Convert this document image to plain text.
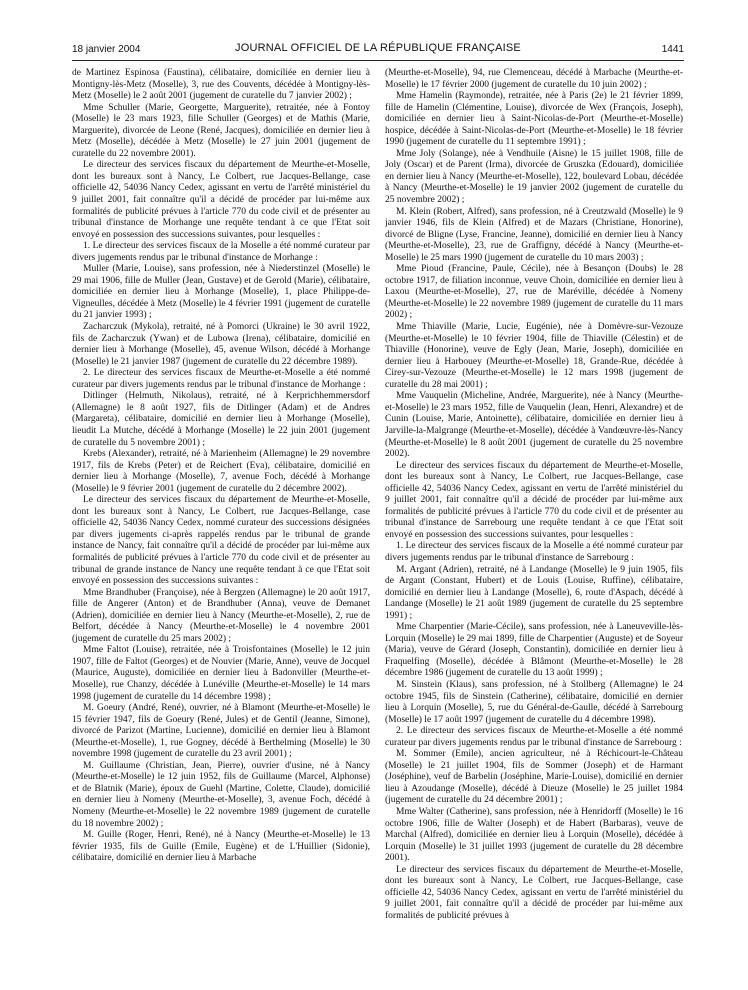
18 janvier 2004	JOURNAL OFFICIEL DE LA RÉPUBLIQUE FRANÇAISE	1441

de Martinez Espinosa (Faustina), célibataire, domiciliée en dernier lieu à Montigny-lès-Metz (Moselle), 3, rue des Couvents, décédée à Montigny-lès-Metz (Moselle) le 2 août 2001 (jugement de curatelle du 7 janvier 2002) ;

Mme Schuller (Marie, Georgette, Marguerite), retraitée, née à Fontoy (Moselle) le 23 mars 1923, fille Schuller (Georges) et de Mathis (Marie, Marguerite), divorcée de Leone (René, Jacques), domiciliée en dernier lieu à Metz (Moselle), décédée à Metz (Moselle) le 27 juin 2001 (jugement de curatelle du 22 novembre 2001).

Le directeur des services fiscaux du département de Meurthe-et-Moselle, dont les bureaux sont à Nancy, Le Colbert, rue Jacques-Bellange, case officielle 42, 54036 Nancy Cedex, agissant en vertu de l'arrêté ministériel du 9 juillet 2001, fait connaître qu'il a décidé de procéder par lui-même aux formalités de publicité prévues à l'article 770 du code civil et de présenter au tribunal d'instance de Morhange une requête tendant à ce que l'Etat soit envoyé en possession des successions suivantes, pour lesquelles :

1. Le directeur des services fiscaux de la Moselle a été nommé curateur par divers jugements rendus par le tribunal d'instance de Morhange :

Muller (Marie, Louise), sans profession, née à Niederstinzel (Moselle) le 29 mai 1906, fille de Muller (Jean, Gustave) et de Gerold (Marie), célibataire, domiciliée en dernier lieu à Morhange (Moselle), 1, place Philippe-de-Vigneulles, décédée à Metz (Moselle) le 4 février 1991 (jugement de curatelle du 21 janvier 1993) ;

Zacharczuk (Mykola), retraité, né à Pomorci (Ukraine) le 30 avril 1922, fils de Zacharczuk (Ywan) et de Lubowa (Irena), célibataire, domicilié en dernier lieu à Morhange (Moselle), 45, avenue Wilson, décédé à Morhange (Moselle) le 21 janvier 1987 (jugement de curatelle du 22 décembre 1989).

2. Le directeur des services fiscaux de Meurthe-et-Moselle a été nommé curateur par divers jugements rendus par le tribunal d'instance de Morhange :

Ditlinger (Helmuth, Nikolaus), retraité, né à Kerprichhemmersdorf (Allemagne) le 8 août 1927, fils de Ditlinger (Adam) et de Andres (Margareta), célibataire, domicilié en dernier lieu à Morhange (Moselle), lieudit La Mutche, décédé à Morhange (Moselle) le 22 juin 2001 (jugement de curatelle du 5 novembre 2001) ;

Krebs (Alexander), retraité, né à Marienheim (Allemagne) le 29 novembre 1917, fils de Krebs (Peter) et de Reichert (Eva), célibataire, domicilié en dernier lieu à Morhange (Moselle), 7, avenue Foch, décédé à Morhange (Moselle) le 9 février 2001 (jugement de curatelle du 2 décembre 2002).

Le directeur des services fiscaux du département de Meurthe-et-Moselle, dont les bureaux sont à Nancy, Le Colbert, rue Jacques-Bellange, case officielle 42, 54036 Nancy Cedex, nommé curateur des successions désignées par divers jugements ci-après rappelés rendus par le tribunal de grande instance de Nancy, fait connaître qu'il a décidé de procéder par lui-même aux formalités de publicité prévues à l'article 770 du code civil et de présenter au tribunal de grande instance de Nancy une requête tendant à ce que l'Etat soit envoyé en possession des successions suivantes :

Mme Brandhuber (Françoise), née à Bergzen (Allemagne) le 20 août 1917, fille de Angerer (Anton) et de Brandhuber (Anna), veuve de Demanet (Adrien), domiciliée en dernier lieu à Nancy (Meurthe-et-Moselle), 2, rue de Belfort, décédée à Nancy (Meurthe-et-Moselle) le 4 novembre 2001 (jugement de curatelle du 25 mars 2002) ;

Mme Faltot (Louise), retraitée, née à Troisfontaines (Moselle) le 12 juin 1907, fille de Faltot (Georges) et de Nouvier (Marie, Anne), veuve de Jocquel (Maurice, Auguste), domiciliée en dernier lieu à Badonviller (Meurthe-et-Moselle), rue Chanzy, décédée à Lunéville (Meurthe-et-Moselle) le 14 mars 1998 (jugement de curatelle du 14 décembre 1998) ;

M. Goeury (André, René), ouvrier, né à Blamont (Meurthe-et-Moselle) le 15 février 1947, fils de Goeury (René, Jules) et de Gentil (Jeanne, Simone), divorcé de Parizot (Martine, Lucienne), domicilié en dernier lieu à Blamont (Meurthe-et-Moselle), 1, rue Gogney, décédé à Berthelming (Moselle) le 30 novembre 1998 (jugement de curatelle du 23 avril 2001) ;

M. Guillaume (Christian, Jean, Pierre), ouvrier d'usine, né à Nancy (Meurthe-et-Moselle) le 12 juin 1952, fils de Guillaume (Marcel, Alphonse) et de Blatnik (Marie), époux de Guehl (Martine, Colette, Claude), domicilié en dernier lieu à Nomeny (Meurthe-et-Moselle), 3, avenue Foch, décédé à Nomeny (Meurthe-et-Moselle) le 22 novembre 1989 (jugement de curatelle du 18 novembre 2002) ;

M. Guille (Roger, Henri, René), né à Nancy (Meurthe-et-Moselle) le 13 février 1935, fils de Guille (Emile, Eugène) et de L'Huillier (Sidonie), célibataire, domicilié en dernier lieu à Marbache

(Meurthe-et-Moselle), 94, rue Clemenceau, décédé à Marbache (Meurthe-et-Moselle) le 17 février 2000 (jugement de curatelle du 10 juin 2002) ;

Mme Hamelin (Raymonde), retraitée, née à Paris (2e) le 21 février 1899, fille de Hamelin (Clémentine, Louise), divorcée de Wex (François, Joseph), domiciliée en dernier lieu à Saint-Nicolas-de-Port (Meurthe-et-Moselle) hospice, décédée à Saint-Nicolas-de-Port (Meurthe-et-Moselle) le 18 février 1990 (jugement de curatelle du 11 septembre 1991) ;

Mme Joly (Solange), née à Vendhuile (Aisne) le 15 juillet 1908, fille de Joly (Oscar) et de Parent (Irma), divorcée de Gruszka (Edouard), domiciliée en dernier lieu à Nancy (Meurthe-et-Moselle), 122, boulevard Lobau, décédée à Nancy (Meurthe-et-Moselle) le 19 janvier 2002 (jugement de curatelle du 25 novembre 2002) ;

M. Klein (Robert, Alfred), sans profession, né à Creutzwald (Moselle) le 9 janvier 1946, fils de Klein (Alfred) et de Mazars (Christiane, Honorine), divorcé de Bligne (Lyse, Francine, Jeanne), domicilié en dernier lieu à Nancy (Meurthe-et-Moselle), 23, rue de Graffigny, décédé à Nancy (Meurthe-et-Moselle) le 25 mars 1990 (jugement de curatelle du 10 mars 2003) ;

Mme Pioud (Francine, Paule, Cécile), née à Besançon (Doubs) le 28 octobre 1917, de filiation inconnue, veuve Choin, domiciliée en dernier lieu à Laxou (Meurthe-et-Moselle), 27, rue de Maréville, décédée à Nomeny (Meurthe-et-Moselle) le 22 novembre 1989 (jugement de curatelle du 11 mars 2002) ;

Mme Thiaville (Marie, Lucie, Eugénie), née à Domèvre-sur-Vezouze (Meurthe-et-Moselle) le 10 février 1904, fille de Thiaville (Célestin) et de Thiaville (Honorine), veuve de Egly (Jean, Marie, Joseph), domiciliée en dernier lieu à Harbouey (Meurthe-et-Moselle) 18, Grande-Rue, décédée à Cirey-sur-Vezouze (Meurthe-et-Moselle) le 12 mars 1998 (jugement de curatelle du 28 mai 2001) ;

Mme Vauquelin (Micheline, Andrée, Marguerite), née à Nancy (Meurthe-et-Moselle) le 23 mars 1952, fille de Vauquelin (Jean, Henri, Alexandre) et de Cunin (Louise, Marie, Antoinette), célibataire, domiciliée en dernier lieu à Jarville-la-Malgrange (Meurthe-et-Moselle), décédée à Vandœuvre-lès-Nancy (Meurthe-et-Moselle) le 8 août 2001 (jugement de curatelle du 25 novembre 2002).

Le directeur des services fiscaux du département de Meurthe-et-Moselle, dont les bureaux sont à Nancy, Le Colbert, rue Jacques-Bellange, case officielle 42, 54036 Nancy Cedex, agissant en vertu de l'arrêté ministériel du 9 juillet 2001, fait connaître qu'il a décidé de procéder par lui-même aux formalités de publicité prévues à l'article 770 du code civil et de présenter au tribunal d'instance de Sarrebourg une requête tendant à ce que l'Etat soit envoyé en possession des successions suivantes, pour lesquelles :

1. Le directeur des services fiscaux de la Moselle a été nommé curateur par divers jugements rendus par le tribunal d'instance de Sarrebourg :

M. Argant (Adrien), retraité, né à Landange (Moselle) le 9 juin 1905, fils de Argant (Constant, Hubert) et de Louis (Louise, Ruffine), célibataire, domicilié en dernier lieu à Landange (Moselle), 6, route d'Aspach, décédé à Landange (Moselle) le 21 août 1989 (jugement de curatelle du 25 septembre 1991) ;

Mme Charpentier (Marie-Cécile), sans profession, née à Laneuveville-lès-Lorquin (Moselle) le 29 mai 1899, fille de Charpentier (Auguste) et de Soyeur (Maria), veuve de Gérard (Joseph, Constantin), domiciliée en dernier lieu à Fraquelfing (Moselle), décédée à Blâmont (Meurthe-et-Moselle) le 28 décembre 1986 (jugement de curatelle du 13 août 1999) ;

M. Sinstein (Klaus), sans profession, né à Stollberg (Allemagne) le 24 octobre 1945, fils de Sinstein (Catherine), célibataire, domicilié en dernier lieu à Lorquin (Moselle), 5, rue du Général-de-Gaulle, décédé à Sarrebourg (Moselle) le 17 août 1997 (jugement de curatelle du 4 décembre 1998).

2. Le directeur des services fiscaux de Meurthe-et-Moselle a été nommé curateur par divers jugements rendus par le tribunal d'instance de Sarrebourg :

M. Sommer (Emile), ancien agriculteur, né à Réchicourt-le-Château (Moselle) le 21 juillet 1904, fils de Sommer (Joseph) et de Harmant (Joséphine), veuf de Barbelin (Joséphine, Marie-Louise), domicilié en dernier lieu à Azoudange (Moselle), décédé à Dieuze (Moselle) le 25 juillet 1984 (jugement de curatelle du 24 décembre 2001) ;

Mme Walter (Catherine), sans profession, née à Henridorff (Moselle) le 16 octobre 1906, fille de Walter (Joseph) et de Habert (Barbaras), veuve de Marchal (Alfred), domiciliée en dernier lieu à Lorquin (Moselle), décédée à Lorquin (Moselle) le 31 juillet 1993 (jugement de curatelle du 28 décembre 2001).

Le directeur des services fiscaux du département de Meurthe-et-Moselle, dont les bureaux sont à Nancy, Le Colbert, rue Jacques-Bellange, case officielle 42, 54036 Nancy Cedex, agissant en vertu de l'arrêté ministériel du 9 juillet 2001, fait connaître qu'il a décidé de procéder par lui-même aux formalités de publicité prévues à
